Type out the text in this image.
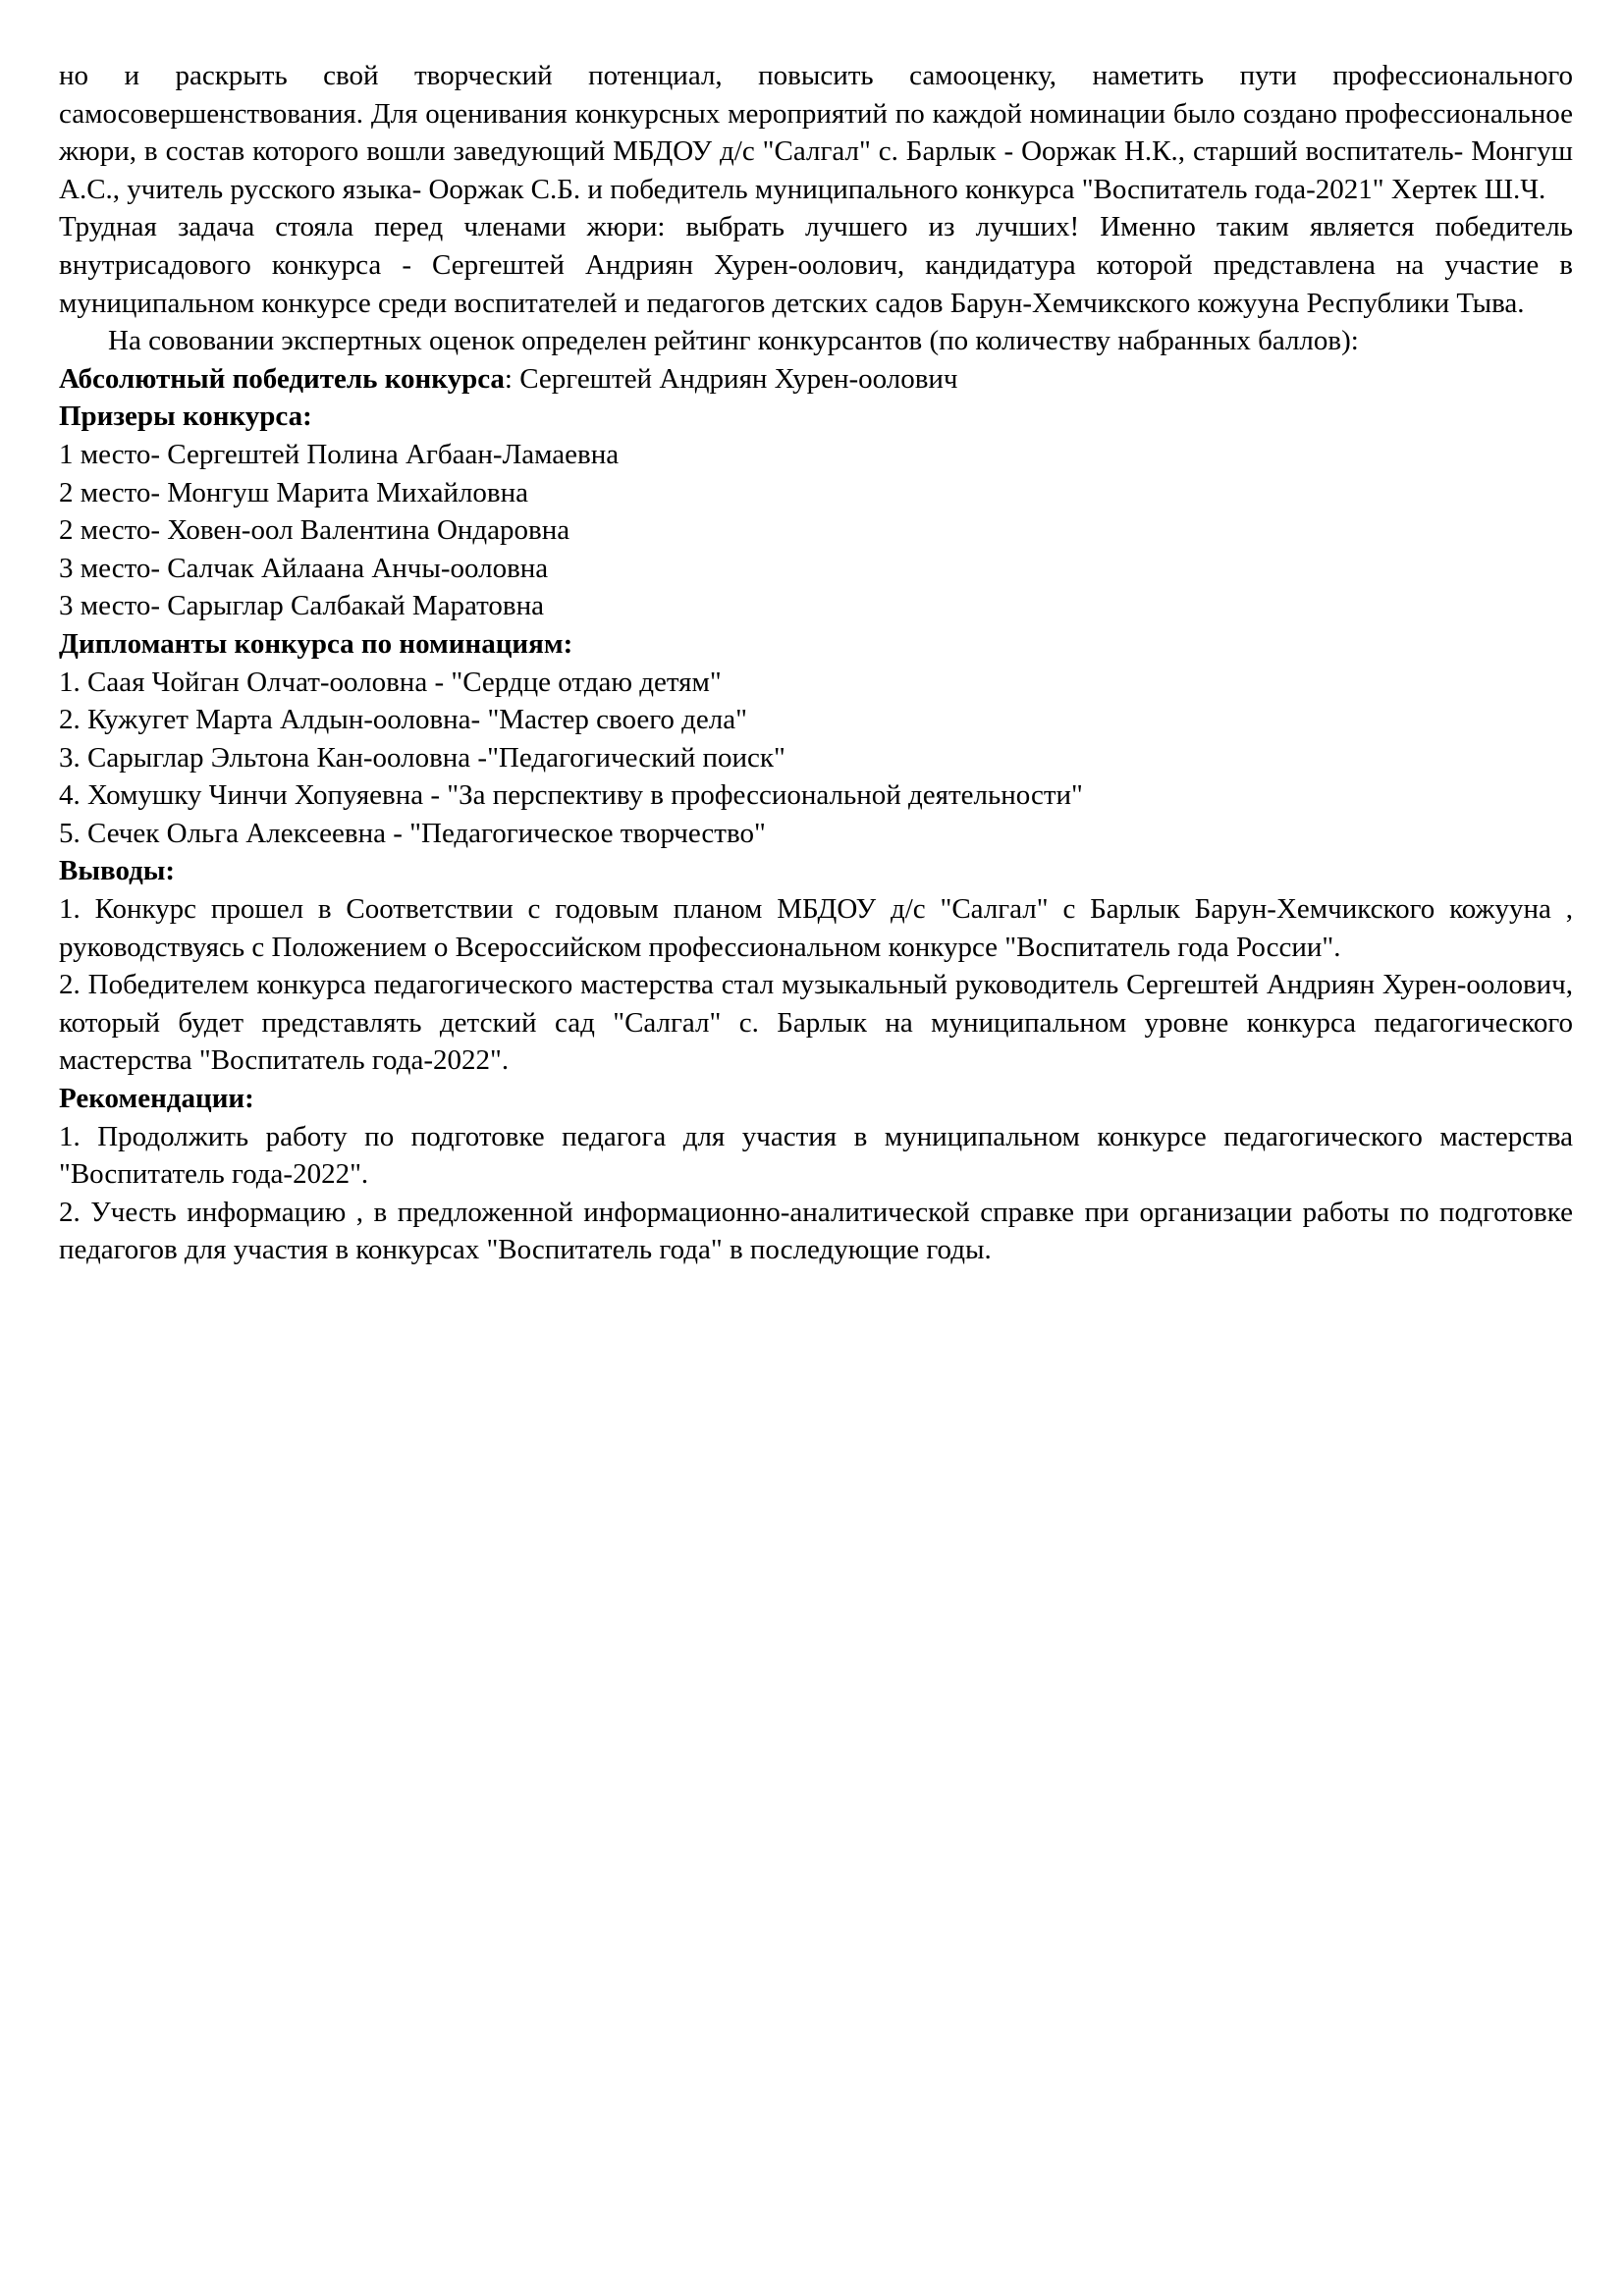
но и раскрыть свой творческий потенциал, повысить самооценку, наметить пути профессионального самосовершенствования. Для оценивания конкурсных мероприятий по каждой номинации было создано профессиональное жюри, в состав которого вошли заведующий МБДОУ д/с "Салгал" с. Барлык - Ооржак Н.К., старший воспитатель- Монгуш А.С., учитель русского языка- Ооржак С.Б. и победитель муниципального конкурса "Воспитатель года-2021" Хертек Ш.Ч.

Трудная задача стояла перед членами жюри: выбрать лучшего из лучших! Именно таким является победитель внутрисадового конкурса - Сергештей Андриян Хурен-оолович, кандидатура которой представлена на участие в муниципальном конкурсе среди воспитателей и педагогов детских садов Барун-Хемчикского кожууна Республики Тыва.

На сововании экспертных оценок определен рейтинг конкурсантов (по количеству набранных баллов):

Абсолютный победитель конкурса: Сергештей Андриян Хурен-оолович

Призеры конкурса:

1 место- Сергештей Полина Агбаан-Ламаевна

2 место- Монгуш Марита Михайловна

2 место- Ховен-оол Валентина Ондаровна

3 место- Салчак Айлаана Анчы-ооловна

3 место- Сарыглар Салбакай Маратовна

Дипломанты конкурса по номинациям:

1. Саая Чойган Олчат-ооловна - "Сердце отдаю детям"

2. Кужугет Марта Алдын-ооловна- "Мастер своего дела"

3. Сарыглар Эльтона Кан-ооловна -"Педагогический поиск"

4. Хомушку Чинчи Хопуяевна - "За перспективу в профессиональной деятельности"

5. Сечек Ольга Алексеевна - "Педагогическое творчество"

Выводы:

1. Конкурс прошел в Соответствии с годовым планом МБДОУ д/с "Салгал" с Барлык Барун-Хемчикского кожууна , руководствуясь с Положением о Всероссийском профессиональном конкурсе "Воспитатель года России".

2. Победителем конкурса педагогического мастерства стал музыкальный руководитель Сергештей Андриян Хурен-оолович, который будет представлять детский сад "Салгал" с. Барлык на муниципальном уровне конкурса педагогического мастерства "Воспитатель года-2022".

Рекомендации:

1. Продолжить работу по подготовке педагога для участия в муниципальном конкурсе педагогического мастерства "Воспитатель года-2022".

2. Учесть информацию , в предложенной информационно-аналитической справке при организации работы по подготовке педагогов для участия в конкурсах "Воспитатель года" в последующие годы.
